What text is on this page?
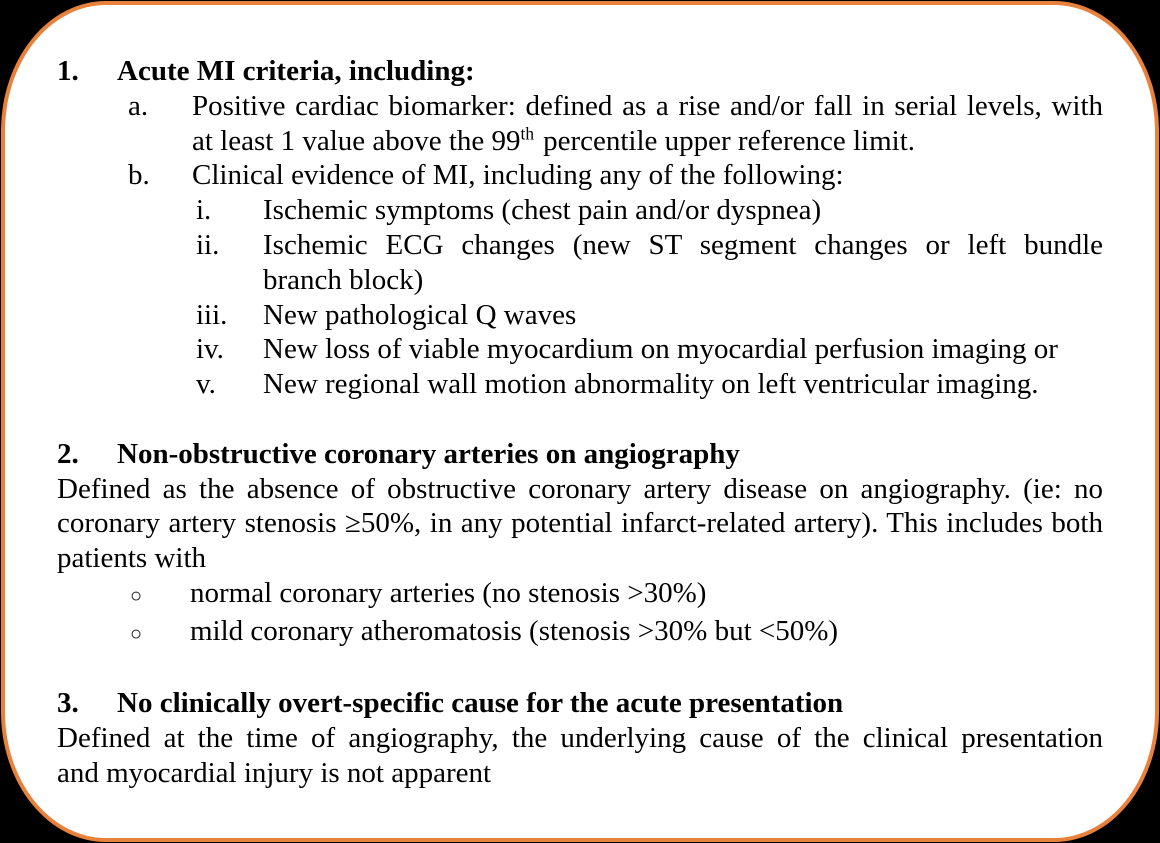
1.	Acute MI criteria, including:
a.	Positive cardiac biomarker: defined as a rise and/or fall in serial levels, with
at least 1 value above the 99th percentile upper reference limit.
b.	Clinical evidence of MI, including any of the following:
i.	Ischemic symptoms (chest pain and/or dyspnea)
ii.	Ischemic ECG changes (new ST segment changes or left bundle
branch block)
iii.	New pathological Q waves
iv.	New loss of viable myocardium on myocardial perfusion imaging or
v.	New regional wall motion abnormality on left ventricular imaging.
2.	Non-obstructive coronary arteries on angiography
Defined as the absence of obstructive coronary artery disease on angiography. (ie: no
coronary artery stenosis ≥50%, in any potential infarct-related artery). This includes both
patients with
○	normal coronary arteries (no stenosis >30%)
○	mild coronary atheromatosis (stenosis >30% but <50%)
3.	No clinically overt-specific cause for the acute presentation
Defined at the time of angiography, the underlying cause of the clinical presentation
and myocardial injury is not apparent
